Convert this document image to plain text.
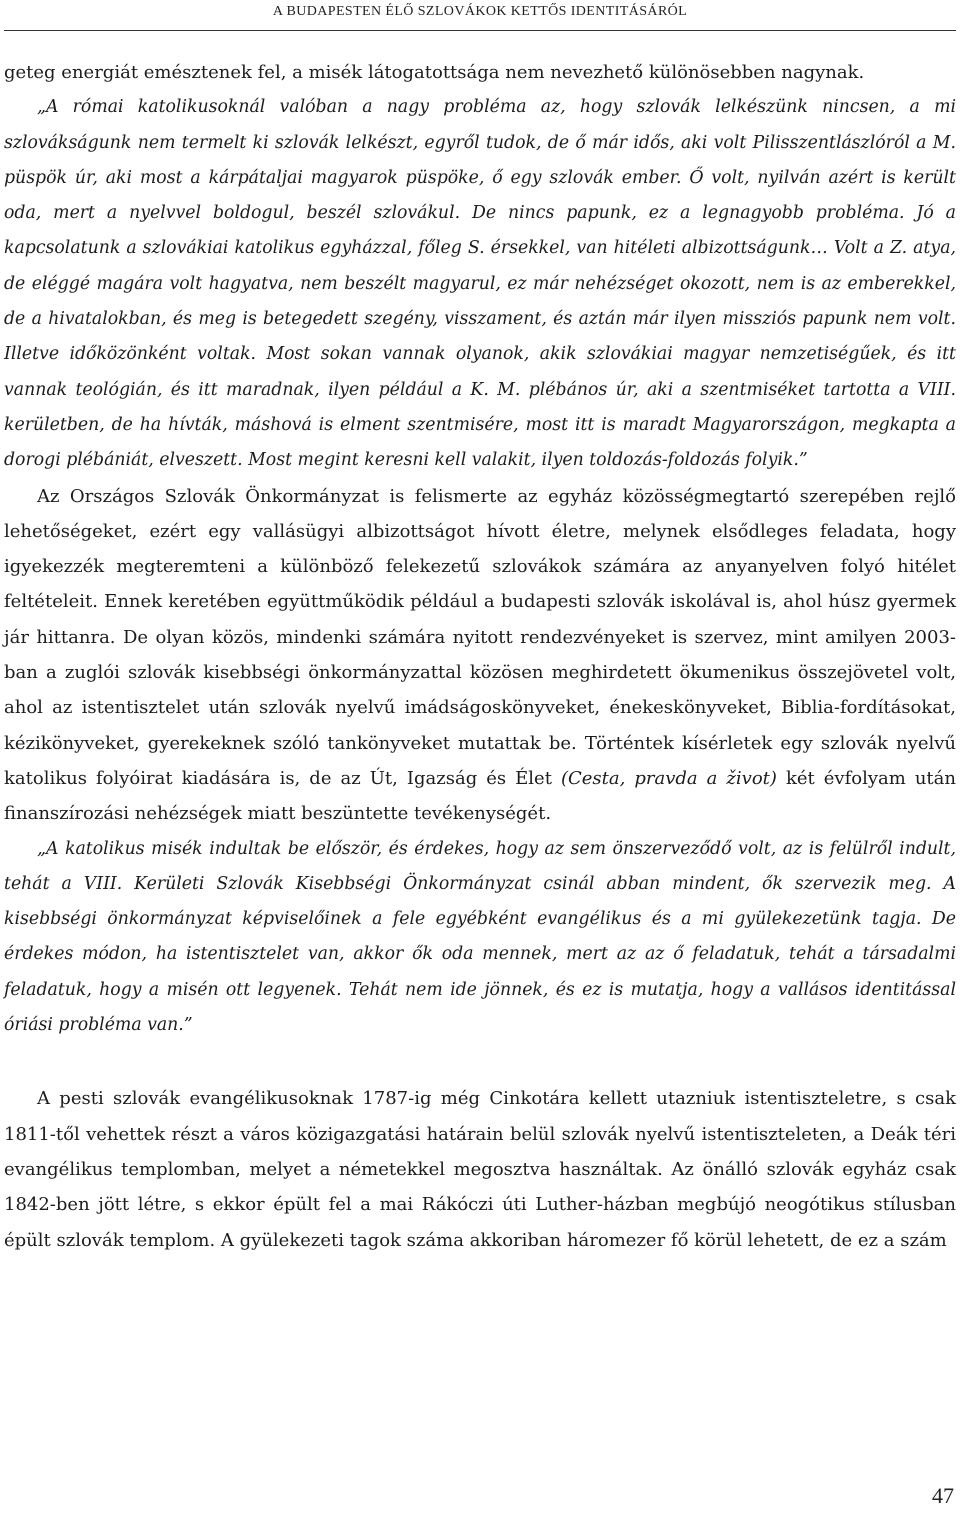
A BUDAPESTEN ÉLŐ SZLOVÁKOK KETTŐS IDENTITÁSÁRÓL

geteg energiát emésztenek fel, a misék látogatottsága nem nevezhető különösebben nagynak.

„A római katolikusoknál valóban a nagy probléma az, hogy szlovák lelkészünk nincsen, a mi szlovákságunk nem termelt ki szlovák lelkészt, egyről tudok, de ő már idős, aki volt Pilisszentlászlóról a M. püspök úr, aki most a kárpátaljai magyarok püspöke, ő egy szlovák ember. Ő volt, nyilván azért is került oda, mert a nyelvvel boldogul, beszél szlovákul. De nincs papunk, ez a legnagyobb probléma. Jó a kapcsolatunk a szlovákiai katolikus egyházzal, főleg S. érsekkel, van hitéleti albizottságunk… Volt a Z. atya, de eléggé magára volt hagyatva, nem beszélt magyarul, ez már nehézséget okozott, nem is az emberekkel, de a hivatalokban, és meg is betegedett szegény, visszament, és aztán már ilyen missziós papunk nem volt. Illetve időközönként voltak. Most sokan vannak olyanok, akik szlovákiai magyar nemzetiségűek, és itt vannak teológián, és itt maradnak, ilyen például a K. M. plébános úr, aki a szentmiséket tartotta a VIII. kerületben, de ha hívták, máshová is elment szentmisére, most itt is maradt Magyarországon, megkapta a dorogi plébániát, elveszett. Most megint keresni kell valakit, ilyen toldozás-foldozás folyik.”

Az Országos Szlovák Önkormányzat is felismerte az egyház közösségmegtartó szerepében rejlő lehetőségeket, ezért egy vallásügyi albizottságot hívott életre, melynek elsődleges feladata, hogy igyekezzék megteremteni a különböző felekezetű szlovákok számára az anyanyelven folyó hitélet feltételeit. Ennek keretében együttműködik például a budapesti szlovák iskolával is, ahol húsz gyermek jár hittanra. De olyan közös, mindenki számára nyitott rendezvényeket is szervez, mint amilyen 2003-ban a zuglói szlovák kisebbségi önkormányzattal közösen meghirdetett ökumenikus összejövetel volt, ahol az istentisztelet után szlovák nyelvű imádságoskönyveket, énekeskönyveket, Biblia-fordításokat, kézikönyveket, gyerekeknek szóló tankönyveket mutattak be. Történtek kísérletek egy szlovák nyelvű katolikus folyóirat kiadására is, de az Út, Igazság és Élet (Cesta, pravda a život) két évfolyam után finanszírozási nehézségek miatt beszüntette tevékenységét.

„A katolikus misék indultak be először, és érdekes, hogy az sem önszerveződő volt, az is felülről indult, tehát a VIII. Kerületi Szlovák Kisebbségi Önkormányzat csinál abban mindent, ők szervezik meg. A kisebbségi önkormányzat képviselőinek a fele egyébként evangélikus és a mi gyülekezetünk tagja. De érdekes módon, ha istentisztelet van, akkor ők oda mennek, mert az az ő feladatuk, tehát a társadalmi feladatuk, hogy a misén ott legyenek. Tehát nem ide jönnek, és ez is mutatja, hogy a vallásos identitással óriási probléma van.”

A pesti szlovák evangélikusoknak 1787-ig még Cinkotára kellett utazniuk istentiszteletre, s csak 1811-től vehettek részt a város közigazgatási határain belül szlovák nyelvű istentiszteleten, a Deák téri evangélikus templomban, melyet a németekkel megosztva használtak. Az önálló szlovák egyház csak 1842-ben jött létre, s ekkor épült fel a mai Rákóczi úti Luther-házban megbújó neogótikus stílusban épült szlovák templom. A gyülekezeti tagok száma akkoriban háromezer fő körül lehetett, de ez a szám

47
